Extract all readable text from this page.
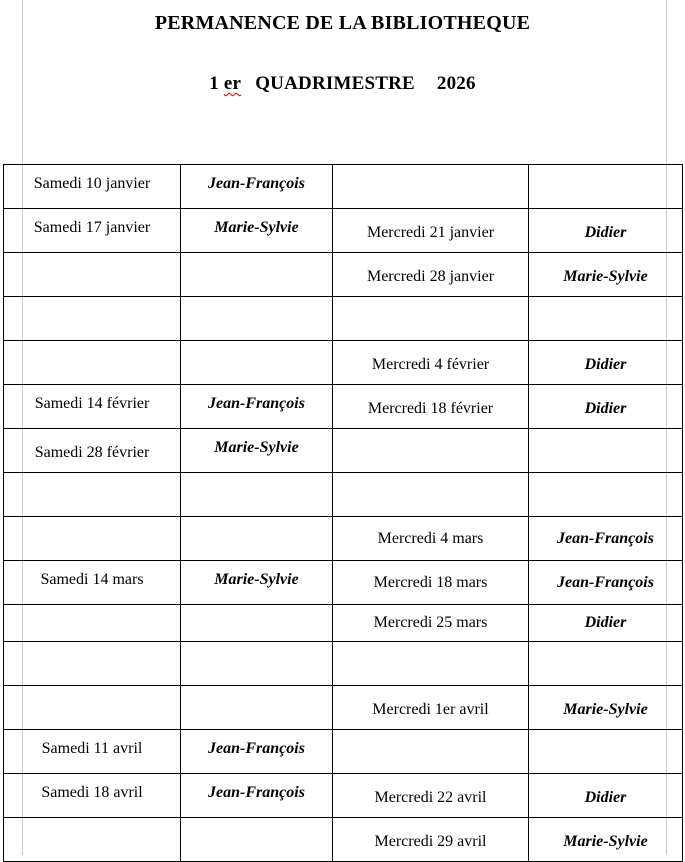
PERMANENCE DE LA BIBLIOTHEQUE
1 er QUADRIMESTRE 2026
Samedi 10 janvier	Jean-François		
Samedi 17 janvier	Marie-Sylvie	Mercredi 21 janvier	Didier
		Mercredi 28 janvier	Marie-Sylvie

		Mercredi 4 février	Didier
Samedi 14 février	Jean-François	Mercredi 18 février	Didier
Samedi 28 février	Marie-Sylvie		

		Mercredi 4 mars	Jean-François
Samedi 14 mars	Marie-Sylvie	Mercredi 18 mars	Jean-François
		Mercredi 25 mars	Didier

		Mercredi 1er avril	Marie-Sylvie
Samedi 11 avril	Jean-François		
Samedi 18 avril	Jean-François	Mercredi 22 avril	Didier
		Mercredi 29 avril	Marie-Sylvie
